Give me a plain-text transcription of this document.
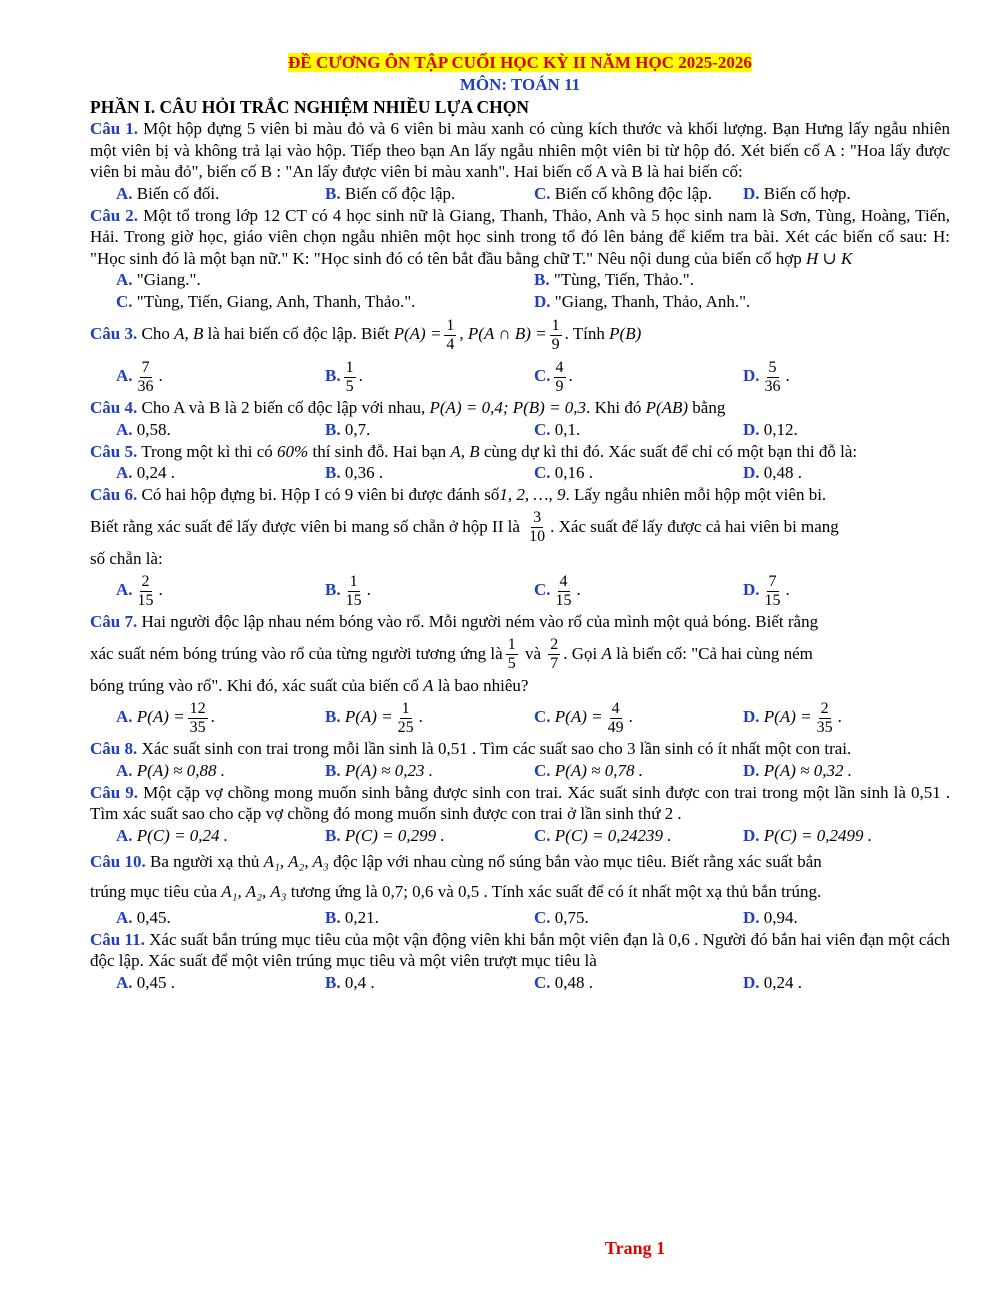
ĐỀ CƯƠNG ÔN TẬP CUỐI HỌC KỲ II NĂM HỌC 2025-2026
MÔN: TOÁN 11
PHẦN I. CÂU HỎI TRẮC NGHIỆM NHIỀU LỰA CHỌN
Câu 1. Một hộp đựng 5 viên bi màu đỏ và 6 viên bi màu xanh có cùng kích thước và khối lượng. Bạn Hưng lấy ngẫu nhiên một viên bị và không trả lại vào hộp. Tiếp theo bạn An lấy ngẫu nhiên một viên bi từ hộp đó. Xét biến cố A : "Hoa lấy được viên bi màu đỏ", biến cố B : "An lấy được viên bi màu xanh". Hai biến cố A và B là hai biến cố:
A. Biến cố đối.	B. Biến cố độc lập.	C. Biến cố không độc lập.	D. Biến cố hợp.
Câu 2. Một tổ trong lớp 12 CT có 4 học sinh nữ là Giang, Thanh, Thảo, Anh và 5 học sinh nam là Sơn, Tùng, Hoàng, Tiến, Hải. Trong giờ học, giáo viên chọn ngẫu nhiên một học sinh trong tổ đó lên bảng để kiểm tra bài. Xét các biến cố sau: H: "Học sinh đó là một bạn nữ." K: "Học sinh đó có tên bắt đầu bằng chữ T." Nêu nội dung của biến cố hợp H ∪ K
A. "Giang.".	B. "Tùng, Tiến, Thảo.".
C. "Tùng, Tiến, Giang, Anh, Thanh, Thảo.".	D. "Giang, Thanh, Thảo, Anh.".
Câu 3. Cho A, B là hai biến cố độc lập. Biết $P(A) = \frac{1}{4}$ , P(A ∩ $B) = \frac{1}{9}$ . Tính P(B)
A. $\frac{7}{36}$ .	B. $\frac{1}{5}$ .	C. $\frac{4}{9}$ .	D. $\frac{5}{36}$ .
Câu 4. Cho A và B là 2 biến cố độc lập với nhau, P(A) = 0,4; P(B) = 0,3. Khi đó P(AB) bằng
A. 0,58.	B. 0,7.	C. 0,1.	D. 0,12.
Câu 5. Trong một kì thi có 60% thí sinh đỗ. Hai bạn A, B cùng dự kì thi đó. Xác suất để chỉ có một bạn thi đỗ là:
A. 0,24 .	B. 0,36 .	C. 0,16 .	D. 0,48 .
Câu 6. Có hai hộp đựng bi. Hộp I có 9 viên bi được đánh số1, 2, …, 9. Lấy ngẫu nhiên mỗi hộp một viên bi.
Biết rằng xác suất để lấy được viên bi mang số chẵn ở hộp II là $\frac{3}{10}$ . Xác suất để lấy được cả hai viên bi mang
số chẵn là:
A. $\frac{2}{15}$ .	B. $\frac{1}{15}$ .	C. $\frac{4}{15}$ .	D. $\frac{7}{15}$ .
Câu 7. Hai người độc lập nhau ném bóng vào rổ. Mỗi người ném vào rổ của mình một quả bóng. Biết rằng
xác suất ném bóng trúng vào rổ của từng người tương ứng là $\frac{1}{5}$ và $\frac{2}{7}$ . Gọi A là biến cố: "Cả hai cùng ném
bóng trúng vào rổ". Khi đó, xác suất của biến cố A là bao nhiêu?
A. $P(A) = \frac{12}{35}$ .	B. $P(A) = \frac{1}{25}$ .	C. $P(A) = \frac{4}{49}$ .	D. $P(A) = \frac{2}{35}$ .
Câu 8. Xác suất sinh con trai trong mỗi lần sinh là 0,51 . Tìm các suất sao cho 3 lần sinh có ít nhất một con trai.
A. P(A) ≈ 0,88 .	B. P(A) ≈ 0,23 .	C. P(A) ≈ 0,78 .	D. P(A) ≈ 0,32 .
Câu 9. Một cặp vợ chồng mong muốn sinh bằng được sinh con trai. Xác suất sinh được con trai trong một lần sinh là 0,51 . Tìm xác suất sao cho cặp vợ chồng đó mong muốn sinh được con trai ở lần sinh thứ 2 .
A. P(C) = 0,24 .	B. P(C) = 0,299 .	C. P(C) = 0,24239 .	D. P(C) = 0,2499 .
Câu 10. Ba người xạ thủ A₁, A₂, A₃ độc lập với nhau cùng nổ súng bắn vào mục tiêu. Biết rằng xác suất bắn
trúng mục tiêu của A₁, A₂, A₃ tương ứng là 0,7; 0,6 và 0,5 . Tính xác suất để có ít nhất một xạ thủ bắn trúng.
A. 0,45.	B. 0,21.	C. 0,75.	D. 0,94.
Câu 11. Xác suất bắn trúng mục tiêu của một vận động viên khi bắn một viên đạn là 0,6 . Người đó bắn hai viên đạn một cách độc lập. Xác suất để một viên trúng mục tiêu và một viên trượt mục tiêu là
A. 0,45 .	B. 0,4 .	C. 0,48 .	D. 0,24 .
Trang 1
